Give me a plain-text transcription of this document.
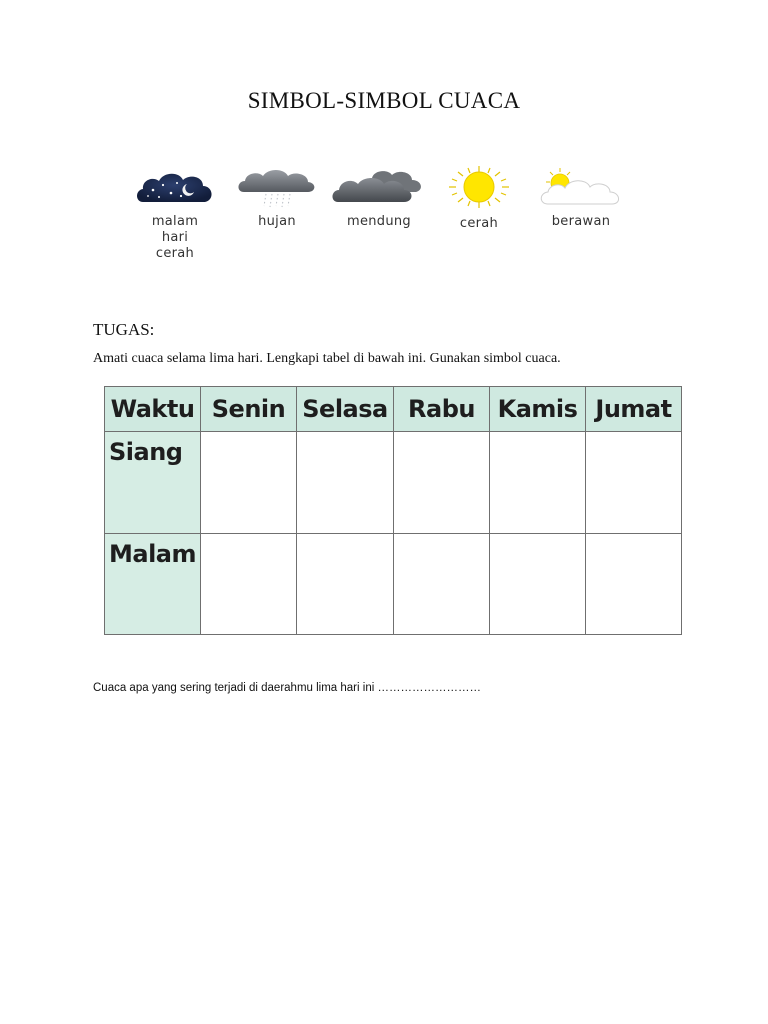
SIMBOL-SIMBOL CUACA
malam
hari
cerah
hujan	mendung	cerah	berawan
TUGAS:
Amati cuaca selama lima hari. Lengkapi tabel di bawah ini. Gunakan simbol cuaca.
Waktu	Senin	Selasa	Rabu	Kamis	Jumat
Siang					
Malam					
Cuaca apa yang sering terjadi di daerahmu lima hari ini ………………………
